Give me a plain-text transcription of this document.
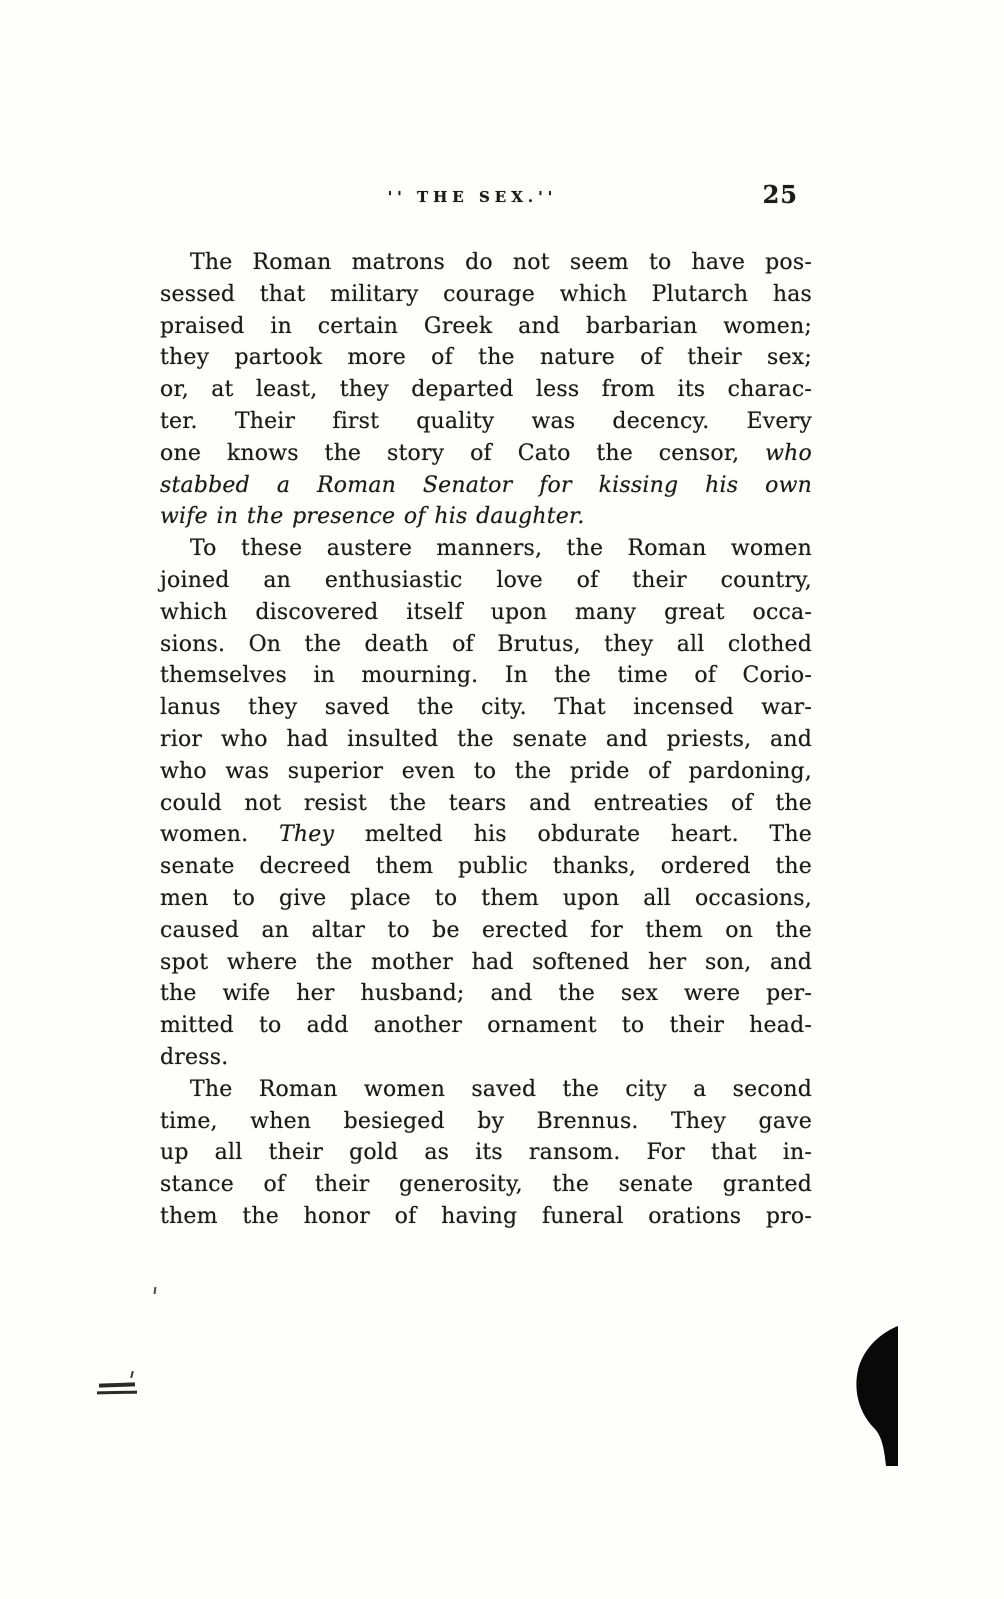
'' THE SEX.''	25
The Roman matrons do not seem to have pos-
sessed that military courage which Plutarch has
praised in certain Greek and barbarian women;
they partook more of the nature of their sex;
or, at least, they departed less from its charac-
ter. Their first quality was decency. Every
one knows the story of Cato the censor, who
stabbed a Roman Senator for kissing his own
wife in the presence of his daughter.
To these austere manners, the Roman women
joined an enthusiastic love of their country,
which discovered itself upon many great occa-
sions. On the death of Brutus, they all clothed
themselves in mourning. In the time of Corio-
lanus they saved the city. That incensed war-
rior who had insulted the senate and priests, and
who was superior even to the pride of pardoning,
could not resist the tears and entreaties of the
women. They melted his obdurate heart. The
senate decreed them public thanks, ordered the
men to give place to them upon all occasions,
caused an altar to be erected for them on the
spot where the mother had softened her son, and
the wife her husband; and the sex were per-
mitted to add another ornament to their head-
dress.
The Roman women saved the city a second
time, when besieged by Brennus. They gave
up all their gold as its ransom. For that in-
stance of their generosity, the senate granted
them the honor of having funeral orations pro-
